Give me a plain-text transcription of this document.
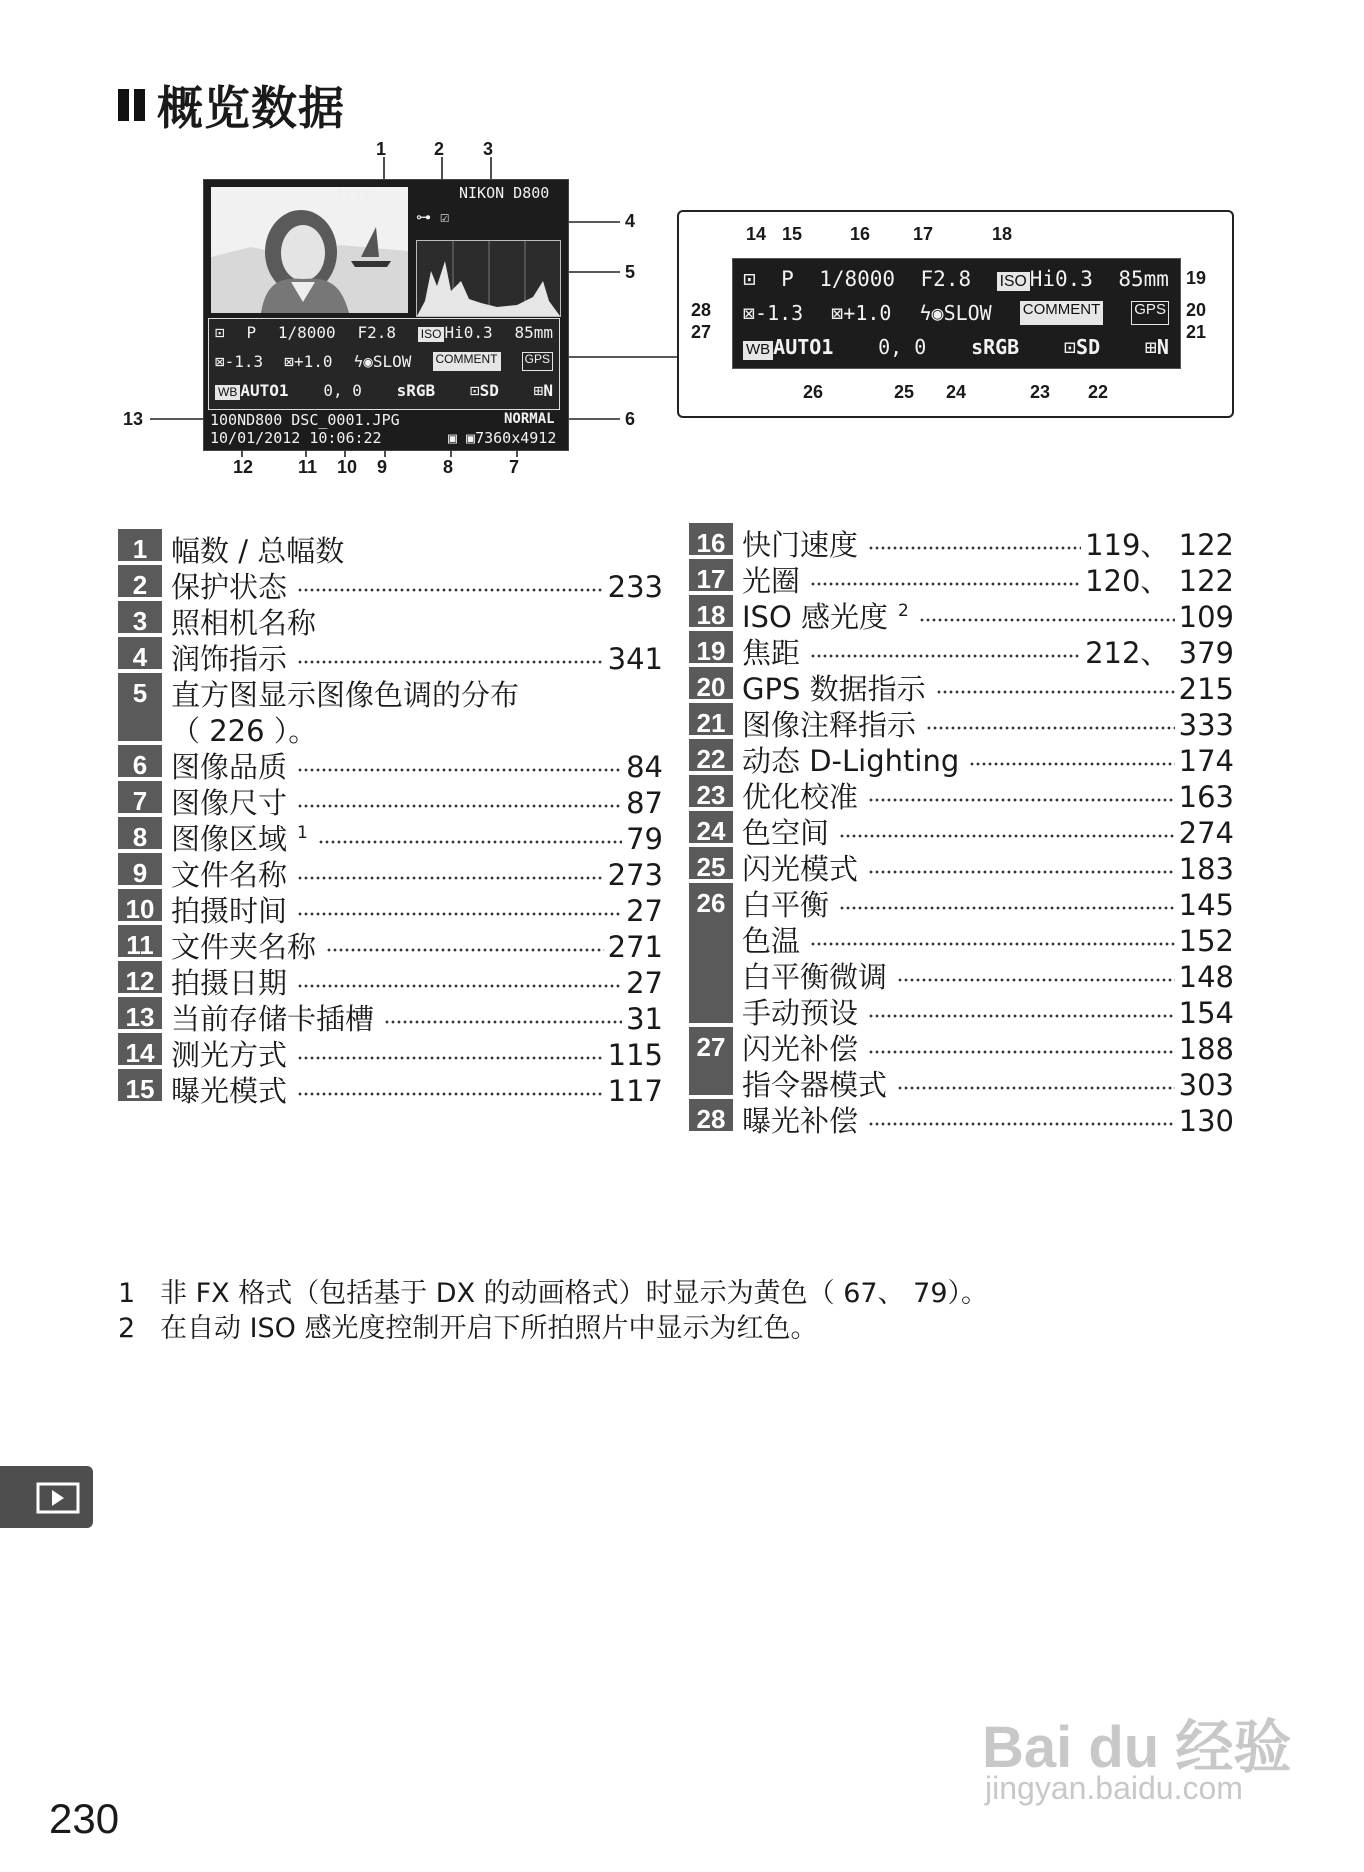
概览数据
1	2 3
4
5
6
7
8
9
10
11
12
13
1/12	NIKON D800
⊶ ☑
⊡ P 1/8000 F2.8 ISO Hi0.3 85mm
⊠-1.3 ⊠+1.0 ϟ◉SLOW COMMENT GPS
WB AUTO1 0, 0 sRGB ⊡SD ⊞N
100ND800 DSC_0001.JPG	NORMAL
10/01/2012 10:06:22	▣ ▣7360x4912
14 15	16 17	18
19
20
21
22
23
24
25
26
27
28
⊡ P 1/8000 F2.8 ISO Hi0.3 85mm
⊠-1.3 ⊠+1.0 ϟ◉SLOW COMMENT GPS
WB AUTO1 0, 0 sRGB ⊡SD ⊞N
1 幅数 / 总幅数
2 保护状态	233
3 照相机名称
4 润饰指示	341
5 直方图显示图像色调的分布
（ 226 ）。
6 图像品质	84
7 图像尺寸	87
8 图像区域 $^1$	79
9 文件名称	273
10 拍摄时间	27
11 文件夹名称	271
12 拍摄日期	27
13 当前存储卡插槽	31
14 测光方式	115
15 曝光模式	117
16 快门速度	119、 122
17 光圈	120、 122
18 ISO 感光度 $^2$	109
19 焦距	212、 379
20 GPS 数据指示	215
21 图像注释指示	333
22 动态 D-Lighting	174
23 优化校准	163
24 色空间	274
25 闪光模式	183
26 白平衡	145
色温	152
白平衡微调	148
手动预设	154
27 闪光补偿	188
指令器模式	303
28 曝光补偿	130
1 非 FX 格式（包括基于 DX 的动画格式）时显示为黄色（ 67、 79）。
2 在自动 ISO 感光度控制开启下所拍照片中显示为红色。
230
Bai du 经验
jingyan.baidu.com
